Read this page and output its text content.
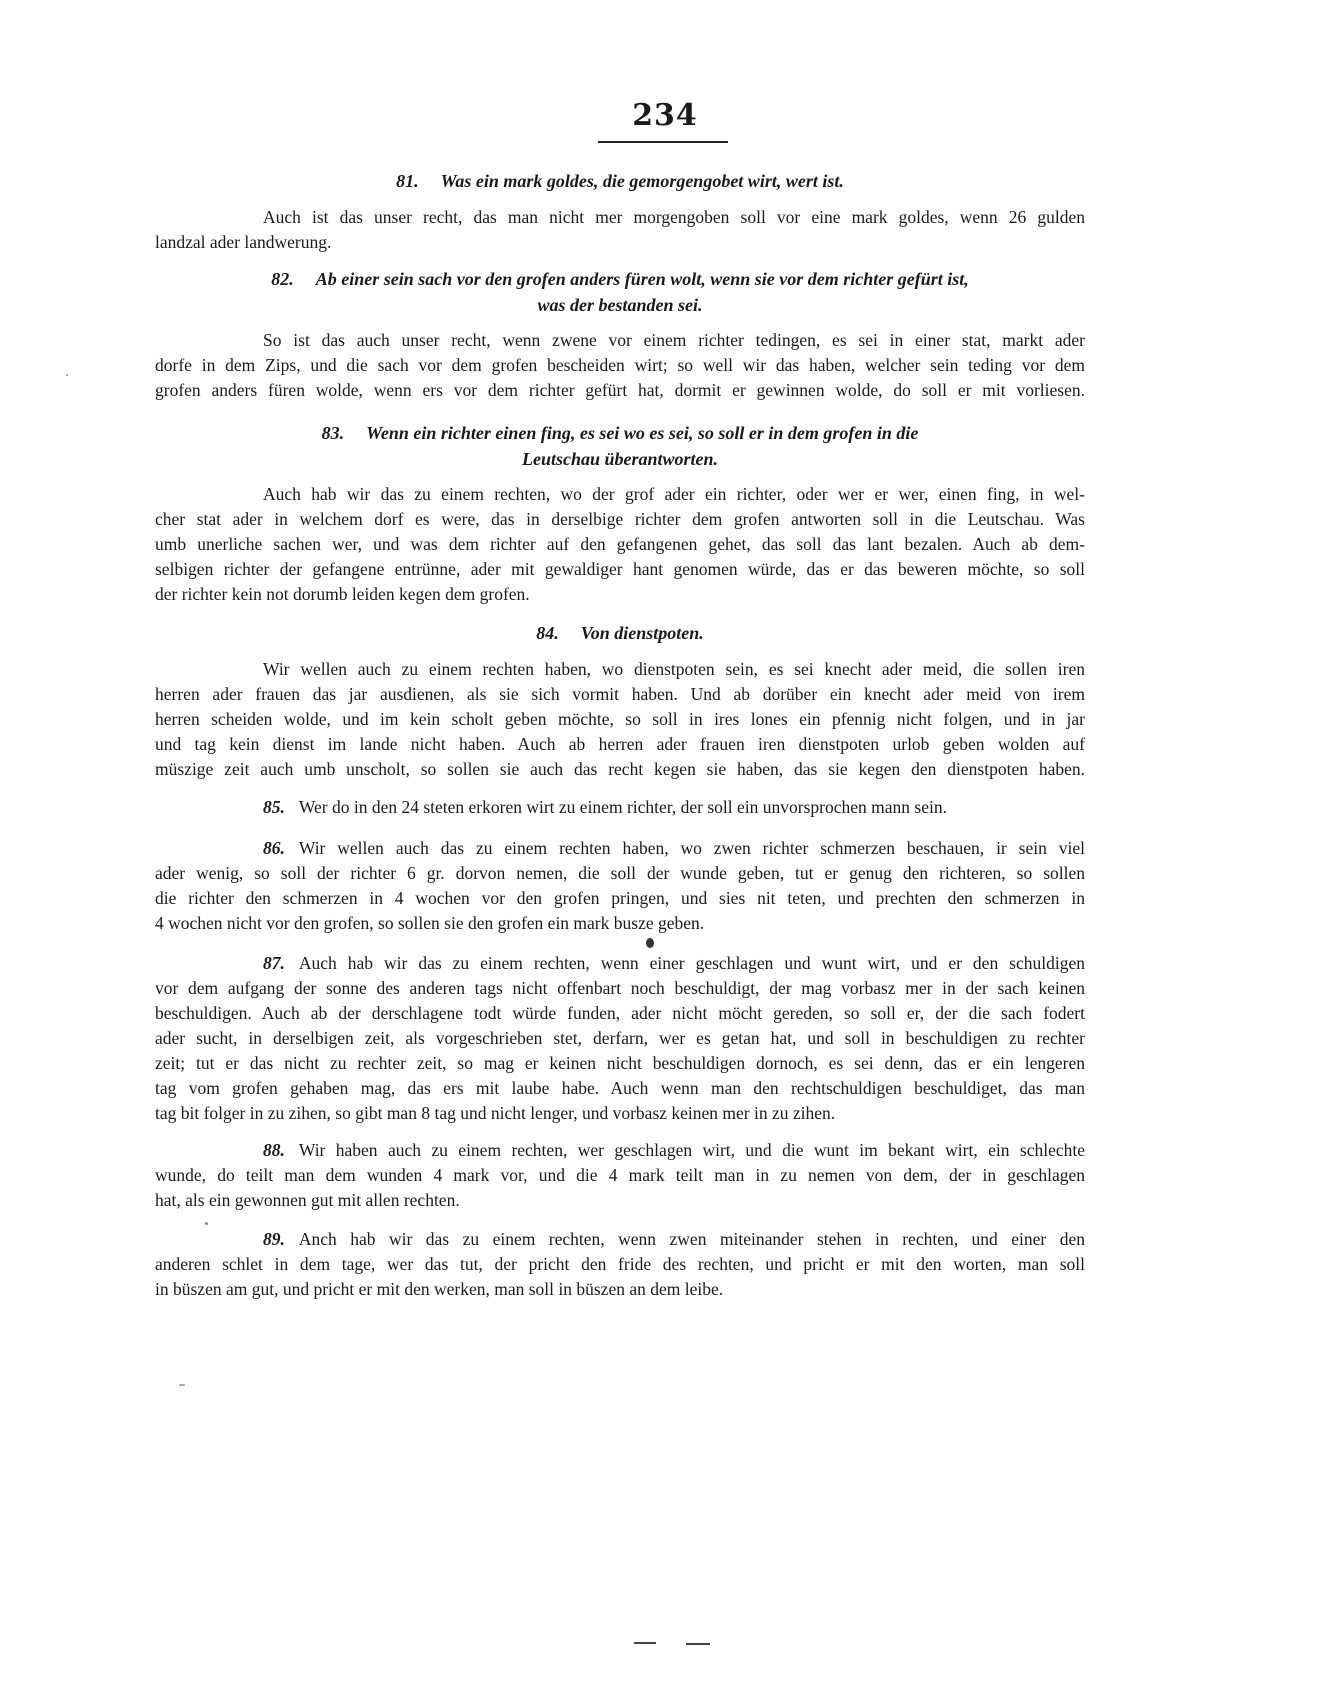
234
81. Was ein mark goldes, die gemorgengobet wirt, wert ist.
Auch ist das unser recht, das man nicht mer morgengoben soll vor eine mark goldes, wenn 26 gulden
landzal ader landwerung.
82. Ab einer sein sach vor den grofen anders füren wolt, wenn sie vor dem richter gefürt ist,
was der bestanden sei.
So ist das auch unser recht, wenn zwene vor einem richter tedingen, es sei in einer stat, markt ader
dorfe in dem Zips, und die sach vor dem grofen bescheiden wirt; so well wir das haben, welcher sein teding vor dem
grofen anders füren wolde, wenn ers vor dem richter gefürt hat, dormit er gewinnen wolde, do soll er mit vorliesen.
83. Wenn ein richter einen fing, es sei wo es sei, so soll er in dem grofen in die
Leutschau überantworten.
Auch hab wir das zu einem rechten, wo der grof ader ein richter, oder wer er wer, einen fing, in wel-
cher stat ader in welchem dorf es were, das in derselbige richter dem grofen antworten soll in die Leutschau. Was
umb unerliche sachen wer, und was dem richter auf den gefangenen gehet, das soll das lant bezalen. Auch ab dem-
selbigen richter der gefangene entrünne, ader mit gewaldiger hant genomen würde, das er das beweren möchte, so soll
der richter kein not dorumb leiden kegen dem grofen.
84. Von dienstpoten.
Wir wellen auch zu einem rechten haben, wo dienstpoten sein, es sei knecht ader meid, die sollen iren
herren ader frauen das jar ausdienen, als sie sich vormit haben. Und ab dorüber ein knecht ader meid von irem
herren scheiden wolde, und im kein scholt geben möchte, so soll in ires lones ein pfennig nicht folgen, und in jar
und tag kein dienst im lande nicht haben. Auch ab herren ader frauen iren dienstpoten urlob geben wolden auf
müszige zeit auch umb unscholt, so sollen sie auch das recht kegen sie haben, das sie kegen den dienstpoten haben.
85. Wer do in den 24 steten erkoren wirt zu einem richter, der soll ein unvorsprochen mann sein.
86. Wir wellen auch das zu einem rechten haben, wo zwen richter schmerzen beschauen, ir sein viel
ader wenig, so soll der richter 6 gr. dorvon nemen, die soll der wunde geben, tut er genug den richteren, so sollen
die richter den schmerzen in 4 wochen vor den grofen pringen, und sies nit teten, und prechten den schmerzen in
4 wochen nicht vor den grofen, so sollen sie den grofen ein mark busze geben.
87. Auch hab wir das zu einem rechten, wenn einer geschlagen und wunt wirt, und er den schuldigen
vor dem aufgang der sonne des anderen tags nicht offenbart noch beschuldigt, der mag vorbasz mer in der sach keinen
beschuldigen. Auch ab der derschlagene todt würde funden, ader nicht möcht gereden, so soll er, der die sach fodert
ader sucht, in derselbigen zeit, als vorgeschrieben stet, derfarn, wer es getan hat, und soll in beschuldigen zu rechter
zeit; tut er das nicht zu rechter zeit, so mag er keinen nicht beschuldigen dornoch, es sei denn, das er ein lengeren
tag vom grofen gehaben mag, das ers mit laube habe. Auch wenn man den rechtschuldigen beschuldiget, das man
tag bit folger in zu zihen, so gibt man 8 tag und nicht lenger, und vorbasz keinen mer in zu zihen.
88. Wir haben auch zu einem rechten, wer geschlagen wirt, und die wunt im bekant wirt, ein schlechte
wunde, do teilt man dem wunden 4 mark vor, und die 4 mark teilt man in zu nemen von dem, der in geschlagen
hat, als ein gewonnen gut mit allen rechten.
89. Anch hab wir das zu einem rechten, wenn zwen miteinander stehen in rechten, und einer den
anderen schlet in dem tage, wer das tut, der pricht den fride des rechten, und pricht er mit den worten, man soll
in büszen am gut, und pricht er mit den werken, man soll in büszen an dem leibe.
